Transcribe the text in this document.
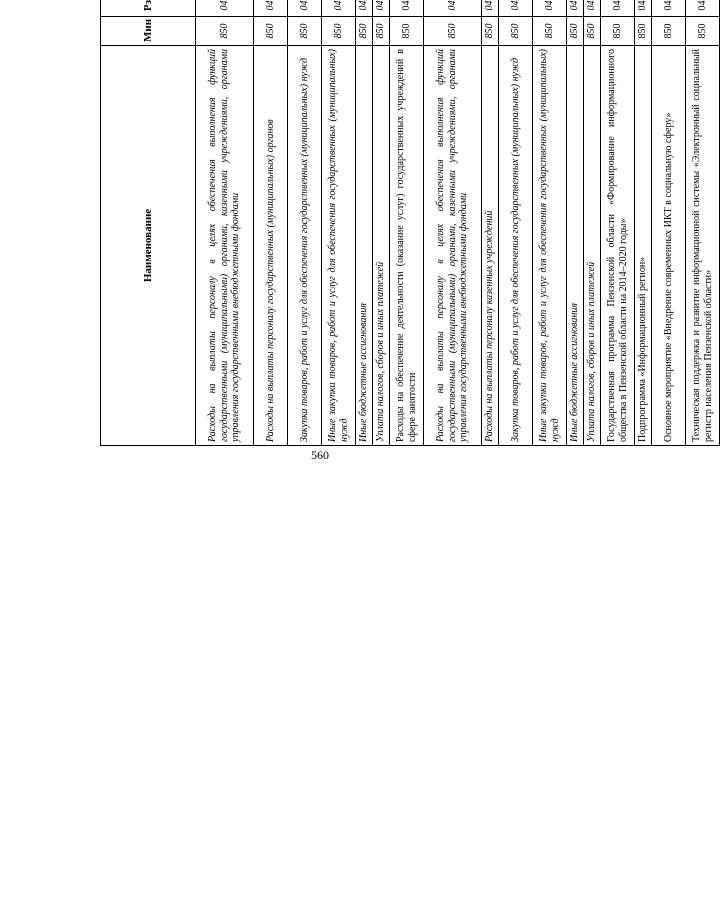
560
Наименование	Мин	Рз					
Расходы на выплаты персоналу в целях обеспечения выполнения функций государственными (муниципальными) органами, казенными учреждениями, органами управления государственными внебюджетными фондами	850	04					
Расходы на выплаты персоналу государственных (муниципальных) органов	850	04					
Закупка товаров, работ и услуг для обеспечения государственных (муниципальных) нужд	850	04					
Иные закупки товаров, работ и услуг для обеспечения государственных (муниципальных) нужд	850	04					
Иные бюджетные ассигнования	850	04					
Уплата налогов, сборов и иных платежей	850	04					
Расходы на обеспечение деятельности (оказание услуг) государственных учреждений в сфере занятости	850	04					
Расходы на выплаты персоналу в целях обеспечения выполнения функций государственными (муниципальными) органами, казенными учреждениями, органами управления государственными внебюджетными фондами	850	04					
Расходы на выплаты персоналу казенных учреждений	850	04					
Закупка товаров, работ и услуг для обеспечения государственных (муниципальных) нужд	850	04					
Иные закупки товаров, работ и услуг для обеспечения государственных (муниципальных) нужд	850	04					
Иные бюджетные ассигнования	850	04					
Уплата налогов, сборов и иных платежей	850	04					
Государственная программа Пензенской области «Формирование информационного общества в Пензенской области на 2014–2020 годы»	850	04					
Подпрограмма «Информационный регион»	850	04					
Основное мероприятие «Внедрение современных ИКТ в социальную сферу»	850	04					
Техническая поддержка и развитие информационной системы «Электронный социальный регистр населения Пензенской области»	850	04					
